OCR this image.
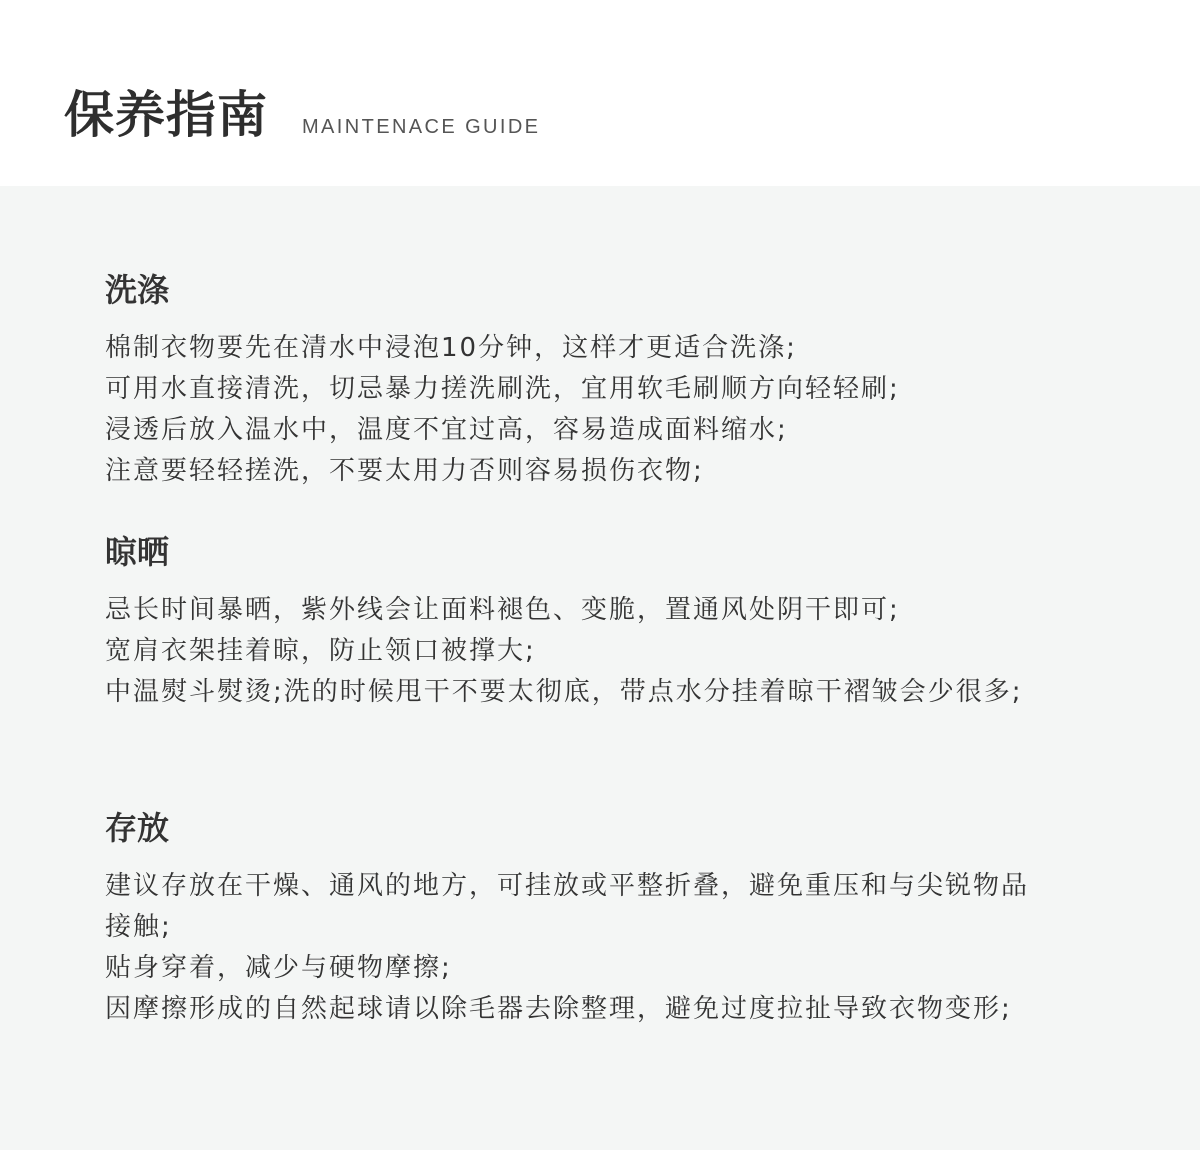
保养指南 MAINTENACE GUIDE
洗涤
棉制衣物要先在清水中浸泡10分钟，这样才更适合洗涤;
可用水直接清洗，切忌暴力搓洗刷洗，宜用软毛刷顺方向轻轻刷;
浸透后放入温水中，温度不宜过高，容易造成面料缩水;
注意要轻轻搓洗，不要太用力否则容易损伤衣物;
晾晒
忌长时间暴晒，紫外线会让面料褪色、变脆，置通风处阴干即可;
宽肩衣架挂着晾，防止领口被撑大;
中温熨斗熨烫;洗的时候甩干不要太彻底，带点水分挂着晾干褶皱会少很多;
存放
建议存放在干燥、通风的地方，可挂放或平整折叠，避免重压和与尖锐物品
接触;
贴身穿着，减少与硬物摩擦;
因摩擦形成的自然起球请以除毛器去除整理，避免过度拉扯导致衣物变形;
